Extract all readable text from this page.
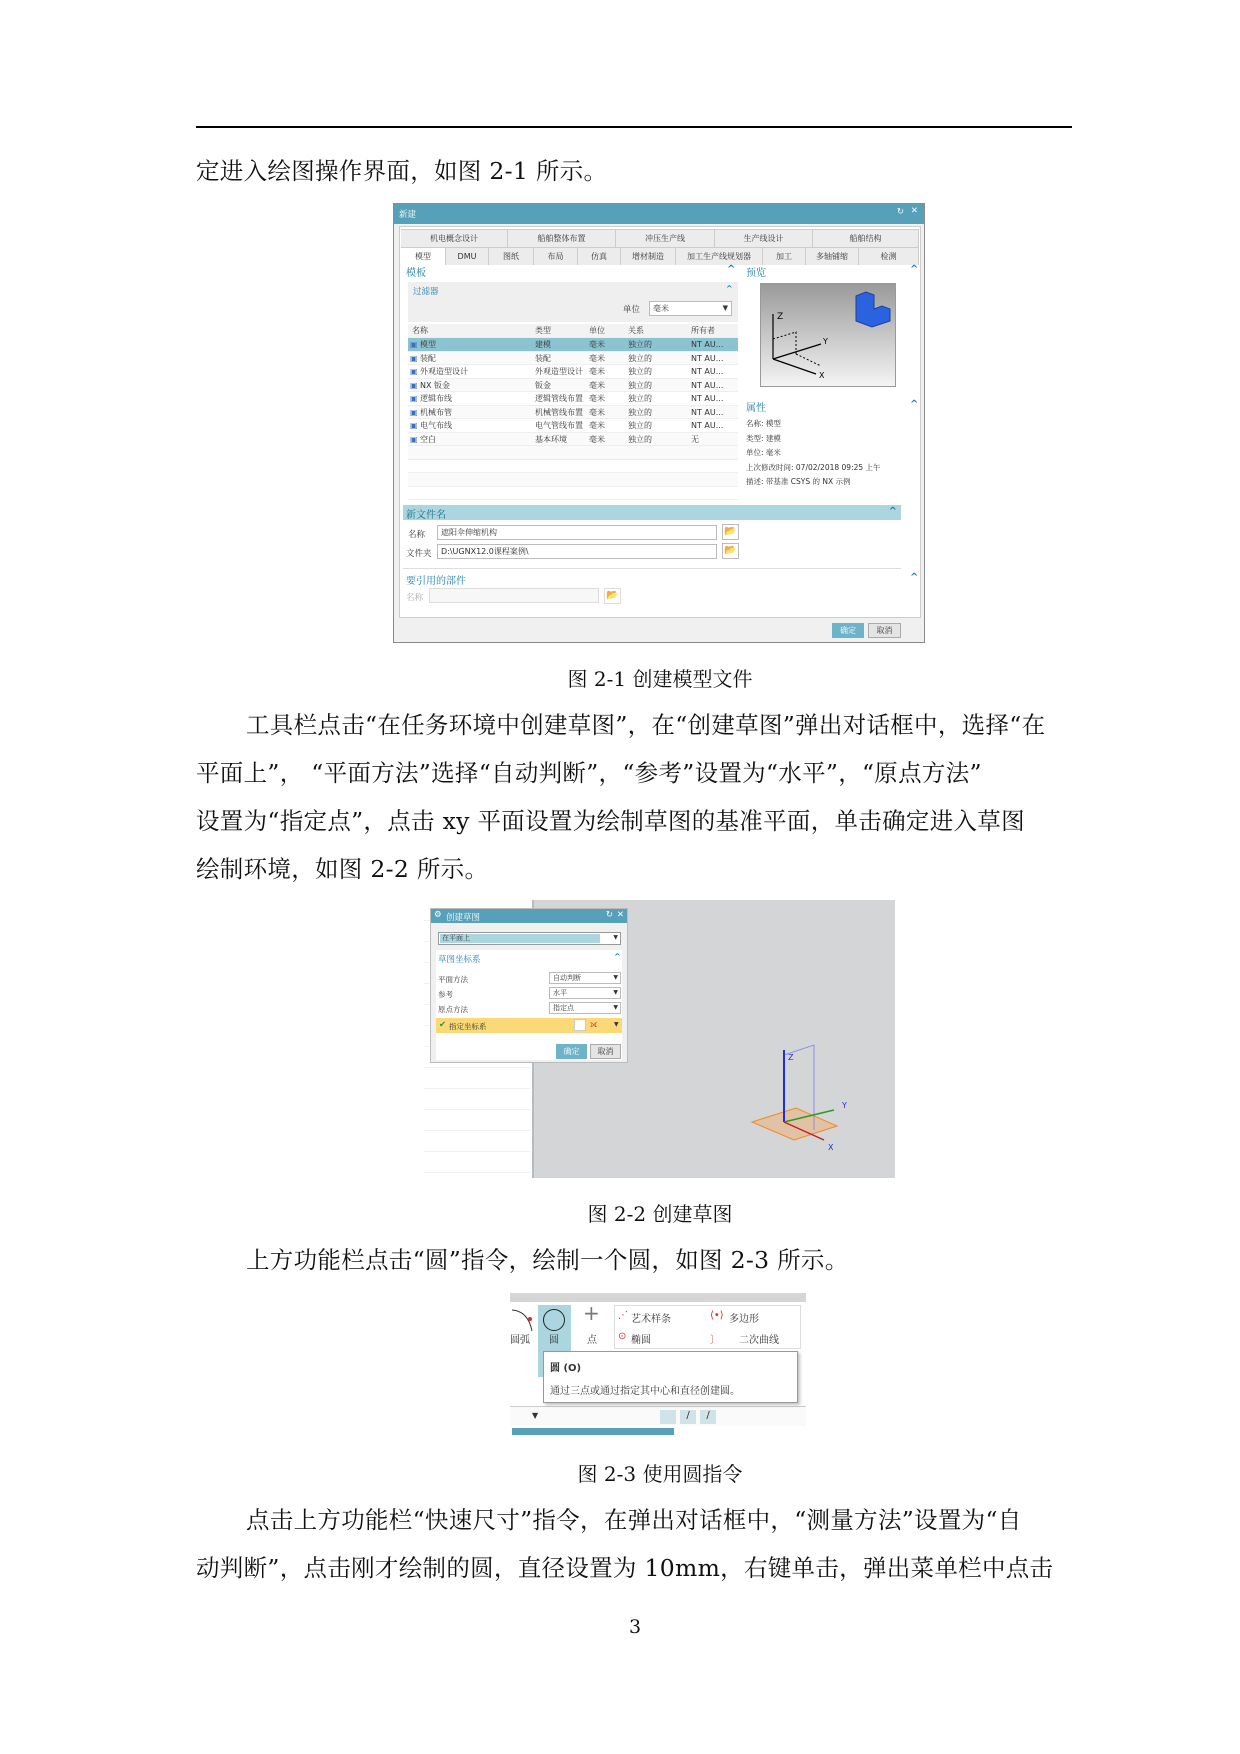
定进入绘图操作界面，如图 2-1 所示。
新建	↻ ✕
机电概念设计	船舶整体布置	冲压生产线	生产线设计	船舶结构
模型	DMU	图纸	布局	仿真	增材制造	加工生产线规划器	加工	多轴铺缩	检测
模板	^
过滤器	^
单位	毫米	▼
预览	^
Z
Y
X
属性	^
新文件名	^
名称	遮阳伞伸缩机构	📂
文件夹	D:\UGNX12.0课程案例\	📂
要引用的部件	^
名称	📂
确定	取消
名称	类型	单位	关系	所有者
▣ 模型	建模	毫米	独立的	NT AU...
▣ 装配	装配	毫米	独立的	NT AU...
▣ 外观造型设计	外观造型设计 毫米	独立的	NT AU...
▣ NX 钣金	钣金	毫米	独立的	NT AU...
▣ 逻辑布线	逻辑管线布置 毫米	独立的	NT AU...
▣ 机械布管	机械管线布置 毫米	独立的	NT AU...
▣ 电气布线	电气管线布置 毫米	独立的	NT AU...
▣ 空白	基本环境	毫米	独立的	无
名称: 模型
类型: 建模
单位: 毫米
上次修改时间: 07/02/2018 09:25 上午
描述: 带基准 CSYS 的 NX 示例
图 2-1 创建模型文件
工具栏点击“在任务环境中创建草图”，在“创建草图”弹出对话框中，选择“在
平面上”， “平面方法”选择“自动判断”，“参考”设置为“水平”，“原点方法”
设置为“指定点”，点击 xy 平面设置为绘制草图的基准平面，单击确定进入草图
绘制环境，如图 2-2 所示。
Z
Y
X
⚙ 创建草图	↻ ✕
在平面上	▼
草图坐标系	^
✔ 指定坐标系	⟗	▼
确定	取消
平面方法	自动判断	▼
参考	水平	▼
原点方法	指定点	▼
图 2-2 创建草图
上方功能栏点击“圆”指令，绘制一个圆，如图 2-3 所示。
圆弧 圆
+
点
⋰ 艺术样条	⟨•⟩ 多边形
⊙ 椭圆	〕 二次曲线
▼	/	/
圆 (O)
通过三点或通过指定其中心和直径创建圆。
图 2-3 使用圆指令
点击上方功能栏“快速尺寸”指令，在弹出对话框中，“测量方法”设置为“自
动判断”，点击刚才绘制的圆，直径设置为 10mm，右键单击，弹出菜单栏中点击
3
